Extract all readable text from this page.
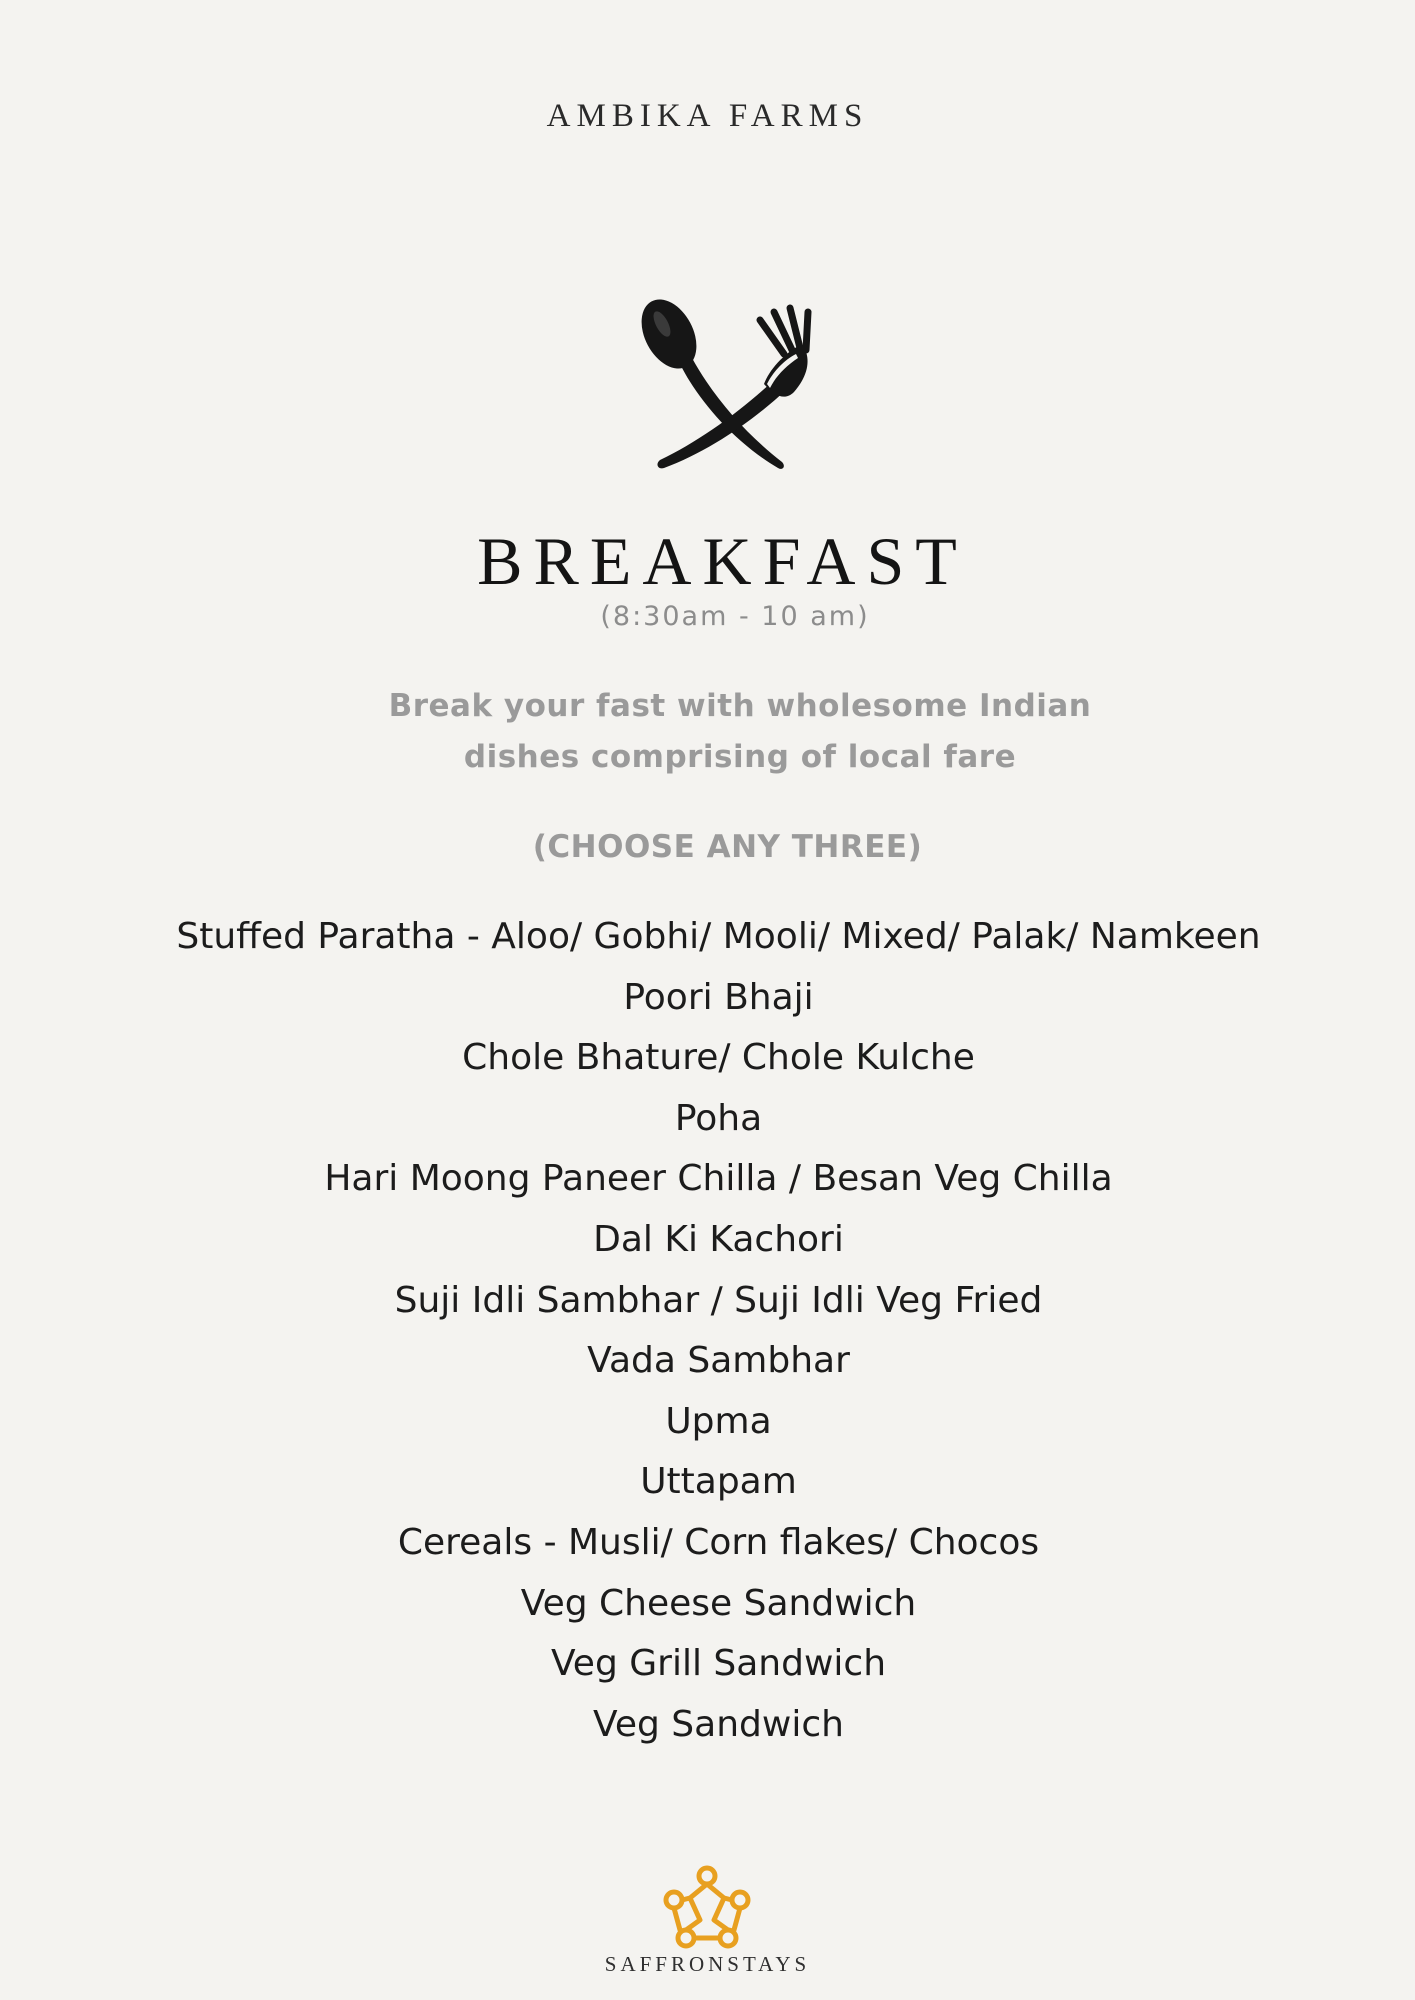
AMBIKA FARMS
BREAKFAST
(8:30am - 10 am)
Break your fast with wholesome Indian
dishes comprising of local fare
(CHOOSE ANY THREE)
Stuffed Paratha - Aloo/ Gobhi/ Mooli/ Mixed/ Palak/ Namkeen
Poori Bhaji
Chole Bhature/ Chole Kulche
Poha
Hari Moong Paneer Chilla / Besan Veg Chilla
Dal Ki Kachori
Suji Idli Sambhar / Suji Idli Veg Fried
Vada Sambhar
Upma
Uttapam
Cereals - Musli/ Corn flakes/ Chocos
Veg Cheese Sandwich
Veg Grill Sandwich
Veg Sandwich
SAFFRONSTAYS
